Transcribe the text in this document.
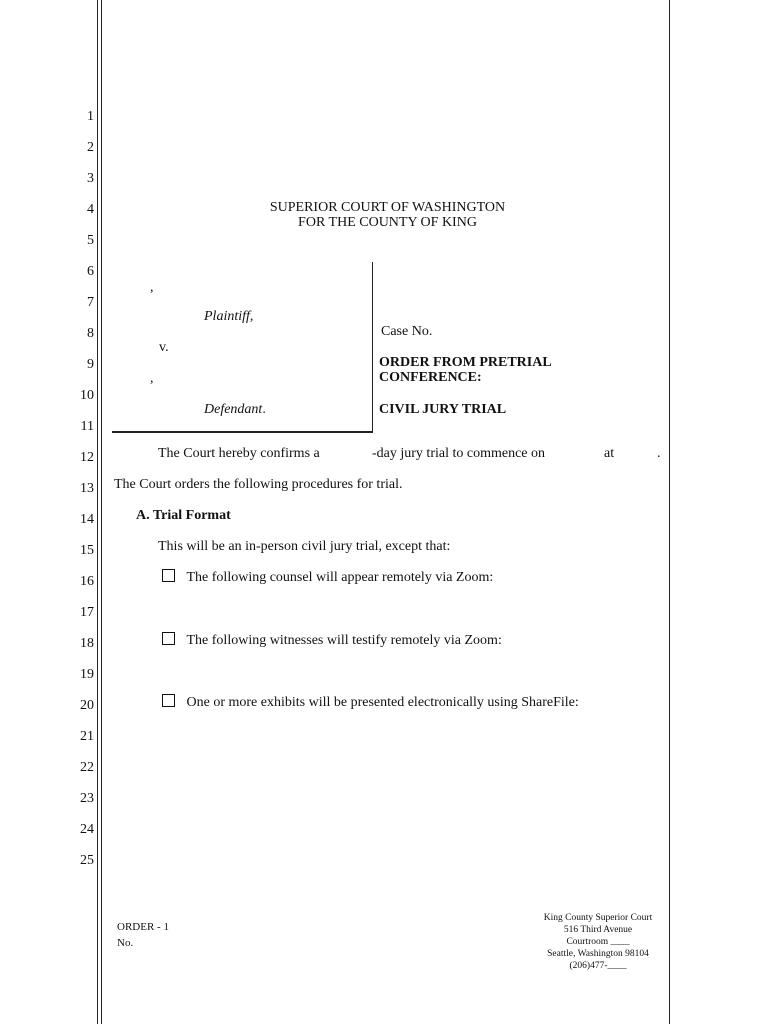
1
2
3
4
5
6
7
8
9
10
11
12
13
14
15
16
17
18
19
20
21
22
23
24
25
SUPERIOR COURT OF WASHINGTON
FOR THE COUNTY OF KING
,
Plaintiff,
v.
,
Defendant.
Case No.
ORDER FROM PRETRIAL
CONFERENCE:
CIVIL JURY TRIAL
The Court hereby confirms a	-day jury trial to commence on	at	.
The Court orders the following procedures for trial.
A. Trial Format
This will be an in-person civil jury trial, except that:
The following counsel will appear remotely via Zoom:
The following witnesses will testify remotely via Zoom:
One or more exhibits will be presented electronically using ShareFile:
ORDER - 1
No.
King County Superior Court
516 Third Avenue
Courtroom ____
Seattle, Washington 98104
(206)477-____
